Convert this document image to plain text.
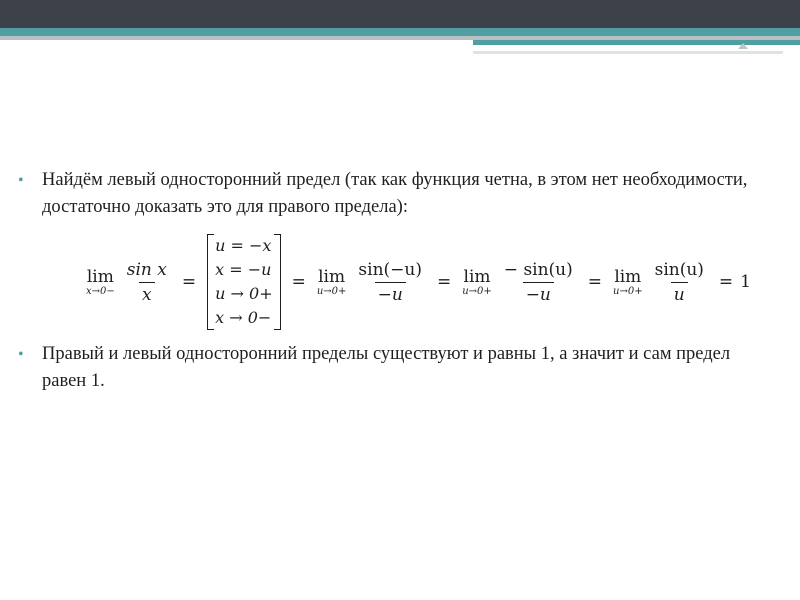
• Найдём левый односторонний предел (так как функция четна, в этом нет необходимости, достаточно доказать это для правого предела):
lim
$x\to 0- \frac{\text{sin x}}{x}$ =
u = −x
x = −u
u → 0+
x → 0−
= lim
$u\to 0+ \frac{\sin(-u)}{-u} = \lim$
$u\to 0+ \frac{- \sin(u)}{-u} = \lim$
$u\to 0+ \frac{\sin(u)}{u} = 1$
• Правый и левый односторонний пределы существуют и равны 1, а значит и сам предел равен 1.
